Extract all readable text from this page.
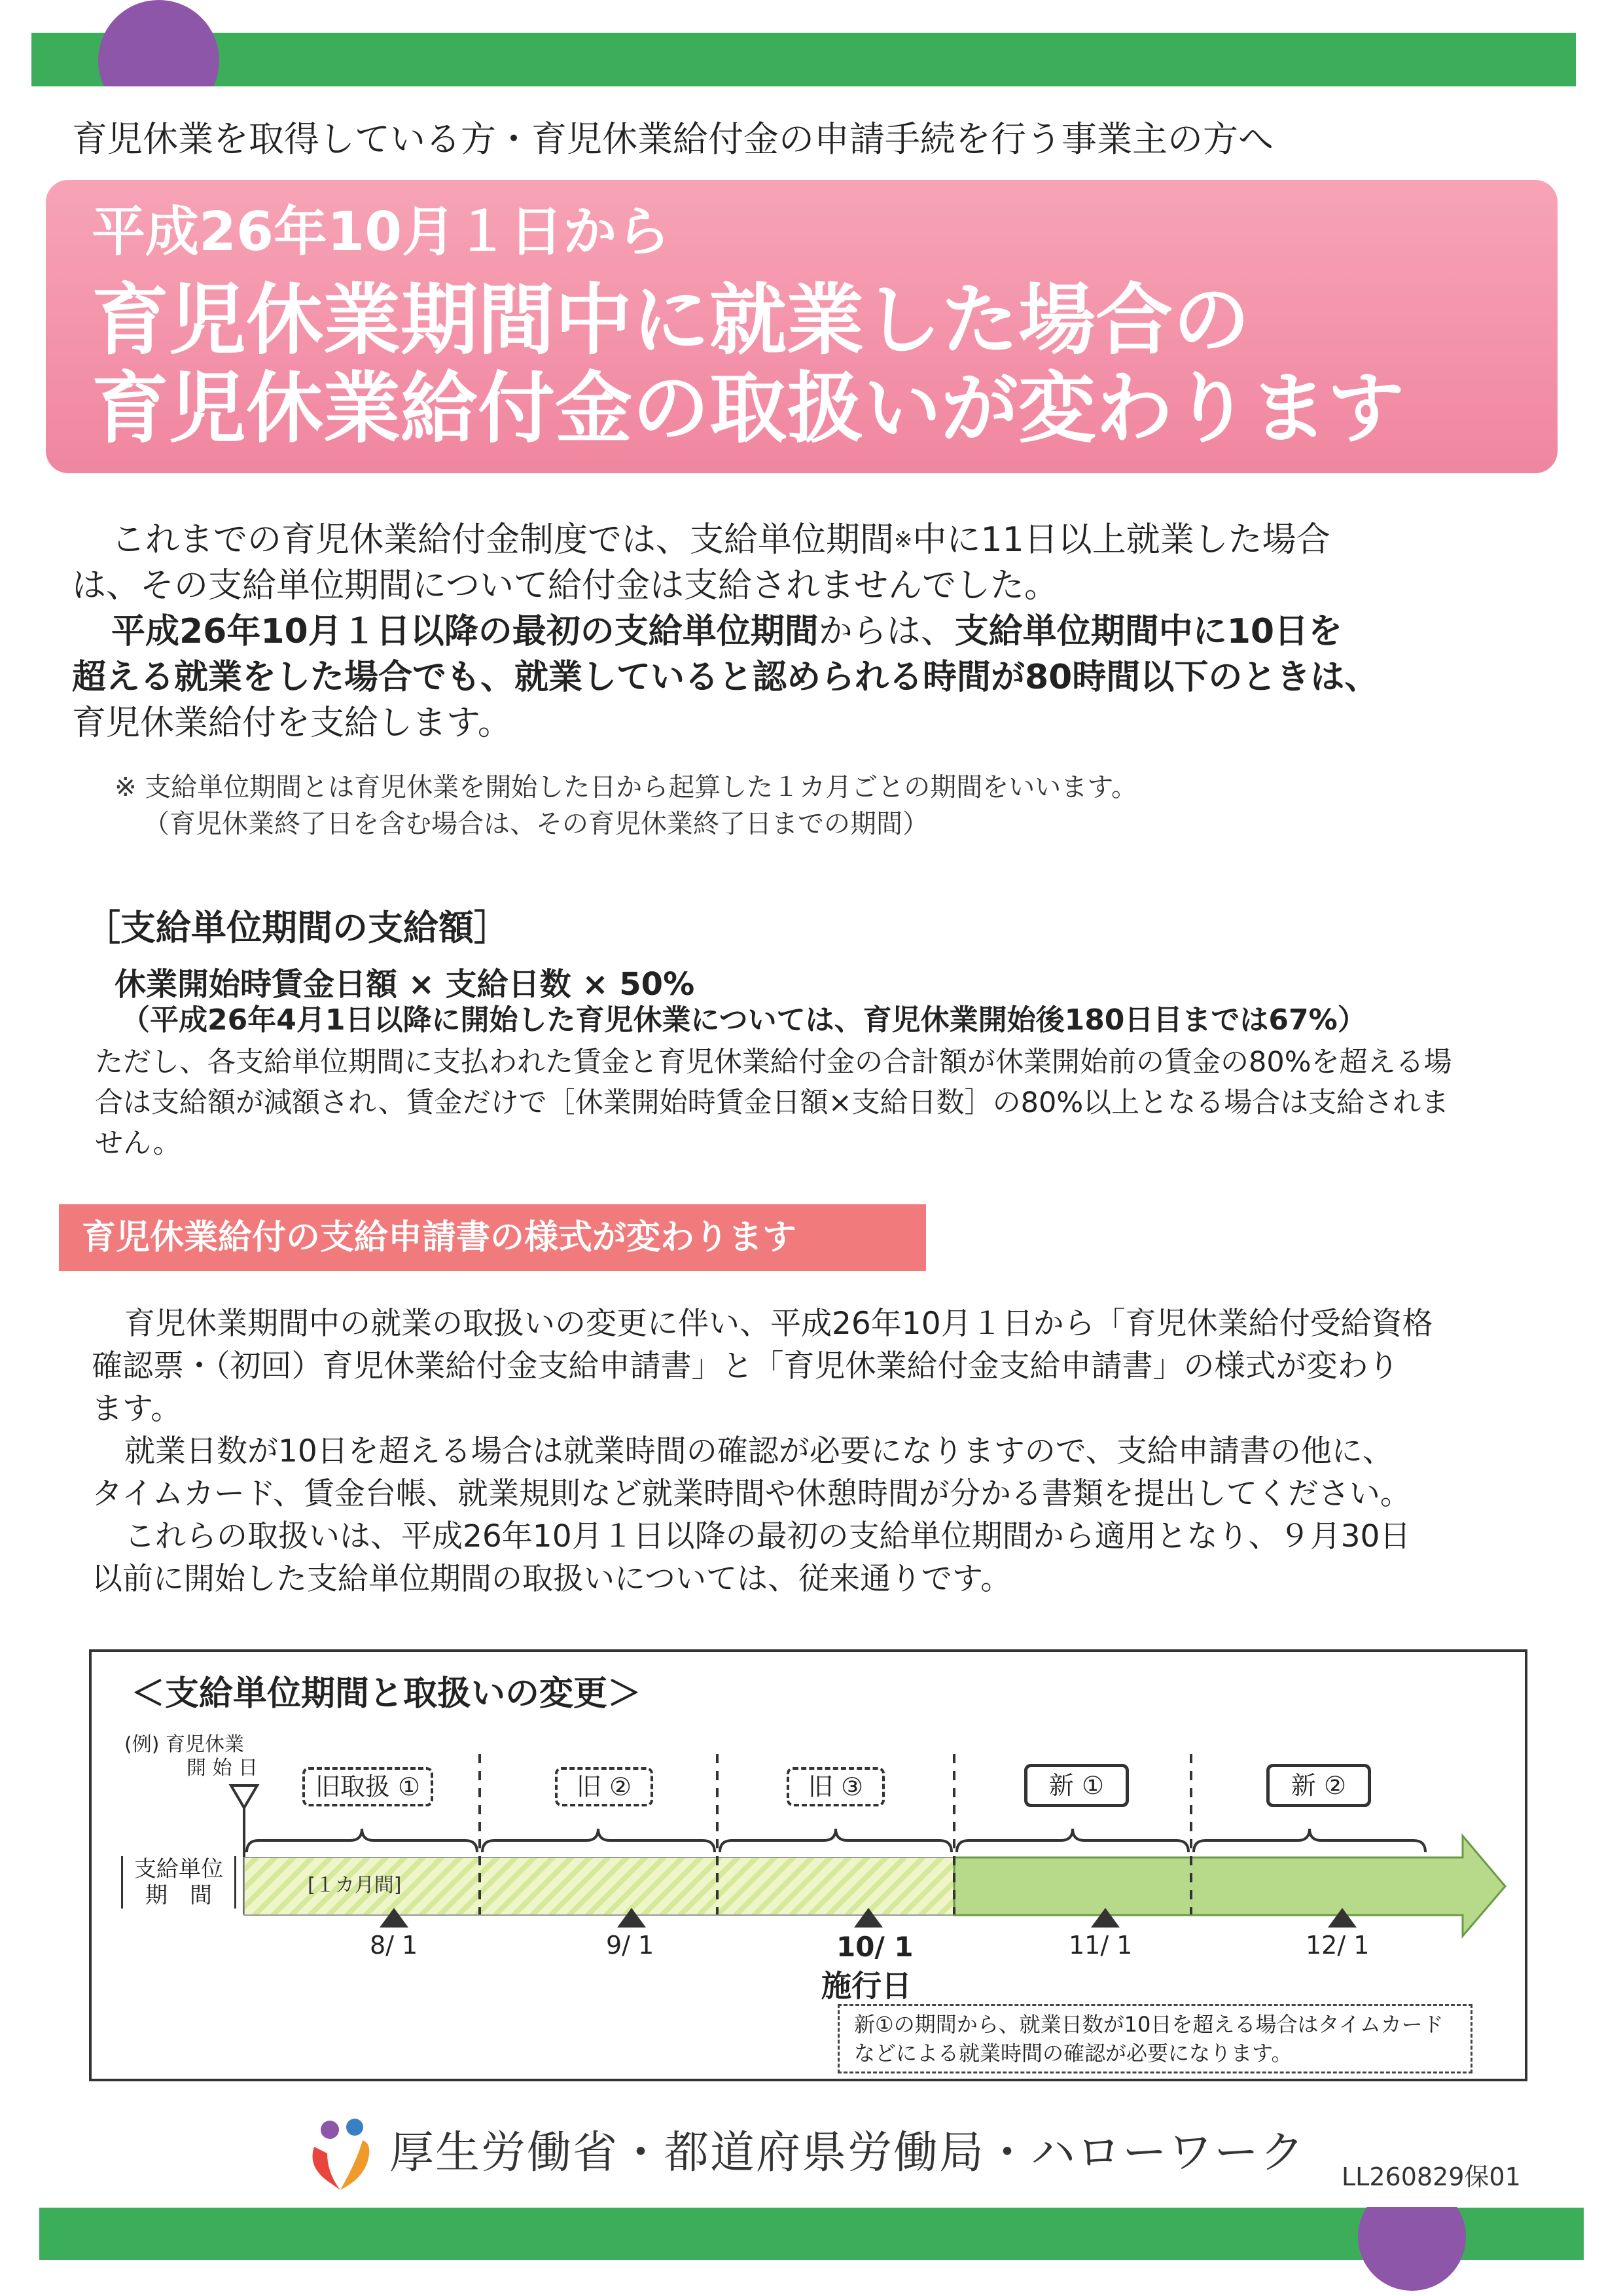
育児休業を取得している方・育児休業給付金の申請手続を行う事業主の方へ
平成26年10月１日から
育児休業期間中に就業した場合の
育児休業給付金の取扱いが変わります
これまでの育児休業給付金制度では、支給単位期間※中に11日以上就業した場合
は、その支給単位期間について給付金は支給されませんでした。
平成26年10月１日以降の最初の支給単位期間からは、支給単位期間中に10日を
超える就業をした場合でも、就業していると認められる時間が80時間以下のときは、
育児休業給付を支給します。
※ 支給単位期間とは育児休業を開始した日から起算した１カ月ごとの期間をいいます。
（育児休業終了日を含む場合は、その育児休業終了日までの期間）
［支給単位期間の支給額］
休業開始時賃金日額 × 支給日数 × 50%
（平成26年4月1日以降に開始した育児休業については、育児休業開始後180日目までは67%）
ただし、各支給単位期間に支払われた賃金と育児休業給付金の合計額が休業開始前の賃金の80%を超える場
合は支給額が減額され、賃金だけで［休業開始時賃金日額×支給日数］の80%以上となる場合は支給されま
せん。
育児休業給付の支給申請書の様式が変わります
育児休業期間中の就業の取扱いの変更に伴い、平成26年10月１日から「育児休業給付受給資格
確認票・（初回）育児休業給付金支給申請書」と「育児休業給付金支給申請書」の様式が変わり
ます。
就業日数が10日を超える場合は就業時間の確認が必要になりますので、支給申請書の他に、
タイムカード、賃金台帳、就業規則など就業時間や休憩時間が分かる書類を提出してください。
これらの取扱いは、平成26年10月１日以降の最初の支給単位期間から適用となり、９月30日
以前に開始した支給単位期間の取扱いについては、従来通りです。
＜支給単位期間と取扱いの変更＞
(例) 育児休業
開 始 日
支給単位
期　間	[１カ月間]
旧取扱 ①	旧 ②	旧 ③	新 ①	新 ②
8/ 1	9/ 1	10/ 1	11/ 1	12/ 1
施行日
新①の期間から、就業日数が10日を超える場合はタイムカード
などによる就業時間の確認が必要になります。
厚生労働省・都道府県労働局・ハローワーク LL260829保01
